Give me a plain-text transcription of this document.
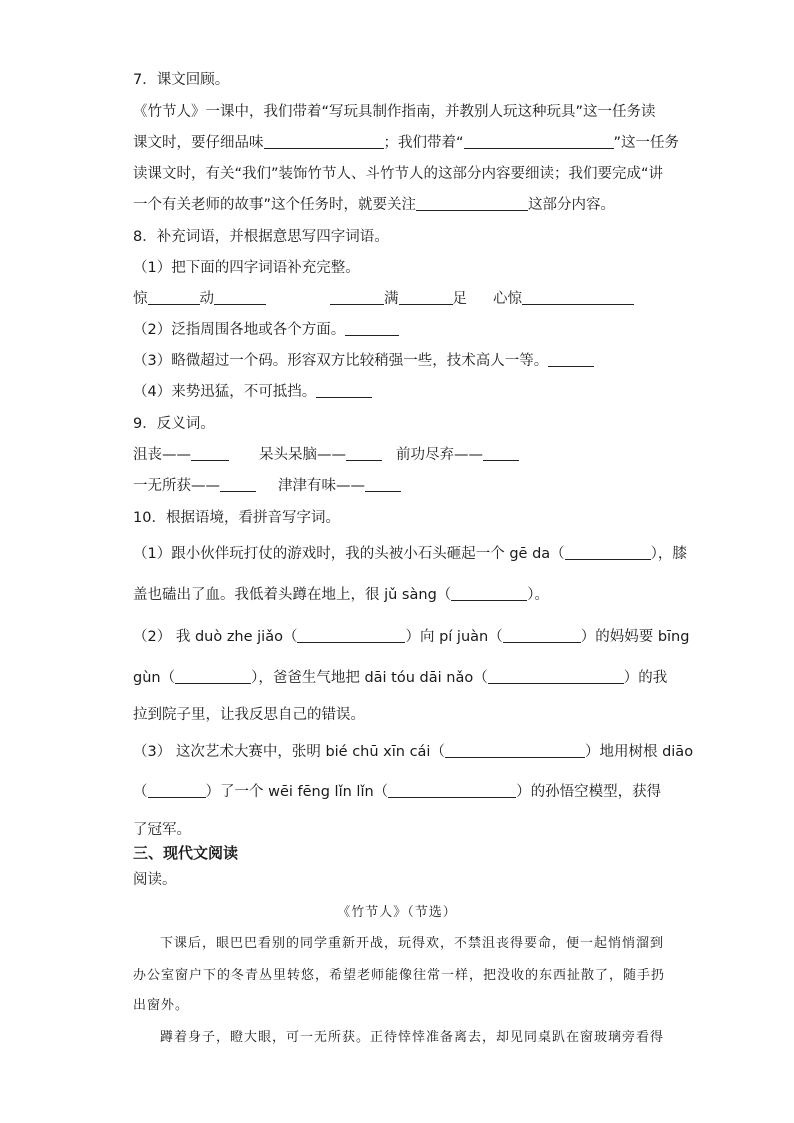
7．课文回顾。
《竹节人》一课中，我们带着“写玩具制作指南，并教别人玩这种玩具”这一任务读
课文时，要仔细品味	；我们带着“	”这一任务
读课文时，有关“我们”装饰竹节人、斗竹节人的这部分内容要细读；我们要完成“讲
一个有关老师的故事”这个任务时，就要关注	这部分内容。
8．补充词语，并根据意思写四字词语。
（1）把下面的四字词语补充完整。
惊	动	满	足 心惊
（2）泛指周围各地或各个方面。
（3）略微超过一个码。形容双方比较稍强一些，技术高人一等。
（4）来势迅猛，不可抵挡。
9．反义词。
沮丧——	呆头呆脑——	前功尽弃——
一无所获——	津津有味——
10．根据语境，看拼音写字词。
（1）跟小伙伴玩打仗的游戏时，我的头被小石头砸起一个 gē da（	），膝
盖也磕出了血。我低着头蹲在地上，很 jǔ sàng（	）。
（2） 我 duò zhe jiǎo（	）向 pí juàn（	）的妈妈要 bīng
gùn（	），爸爸生气地把 dāi tóu dāi nǎo（	）的我
拉到院子里，让我反思自己的错误。
（3） 这次艺术大赛中，张明 bié chū xīn cái（	）地用树根 diāo
（	）了一个 wēi fēng lǐn lǐn（	）的孙悟空模型，获得
了冠军。
三、现代文阅读
阅读。
《竹节人》（节选）
下课后，眼巴巴看别的同学重新开战，玩得欢，不禁沮丧得要命，便一起悄悄溜到
办公室窗户下的冬青丛里转悠，希望老师能像往常一样，把没收的东西扯散了，随手扔
出窗外。
蹲着身子，瞪大眼，可一无所获。正待悻悻准备离去，却见同桌趴在窗玻璃旁看得
